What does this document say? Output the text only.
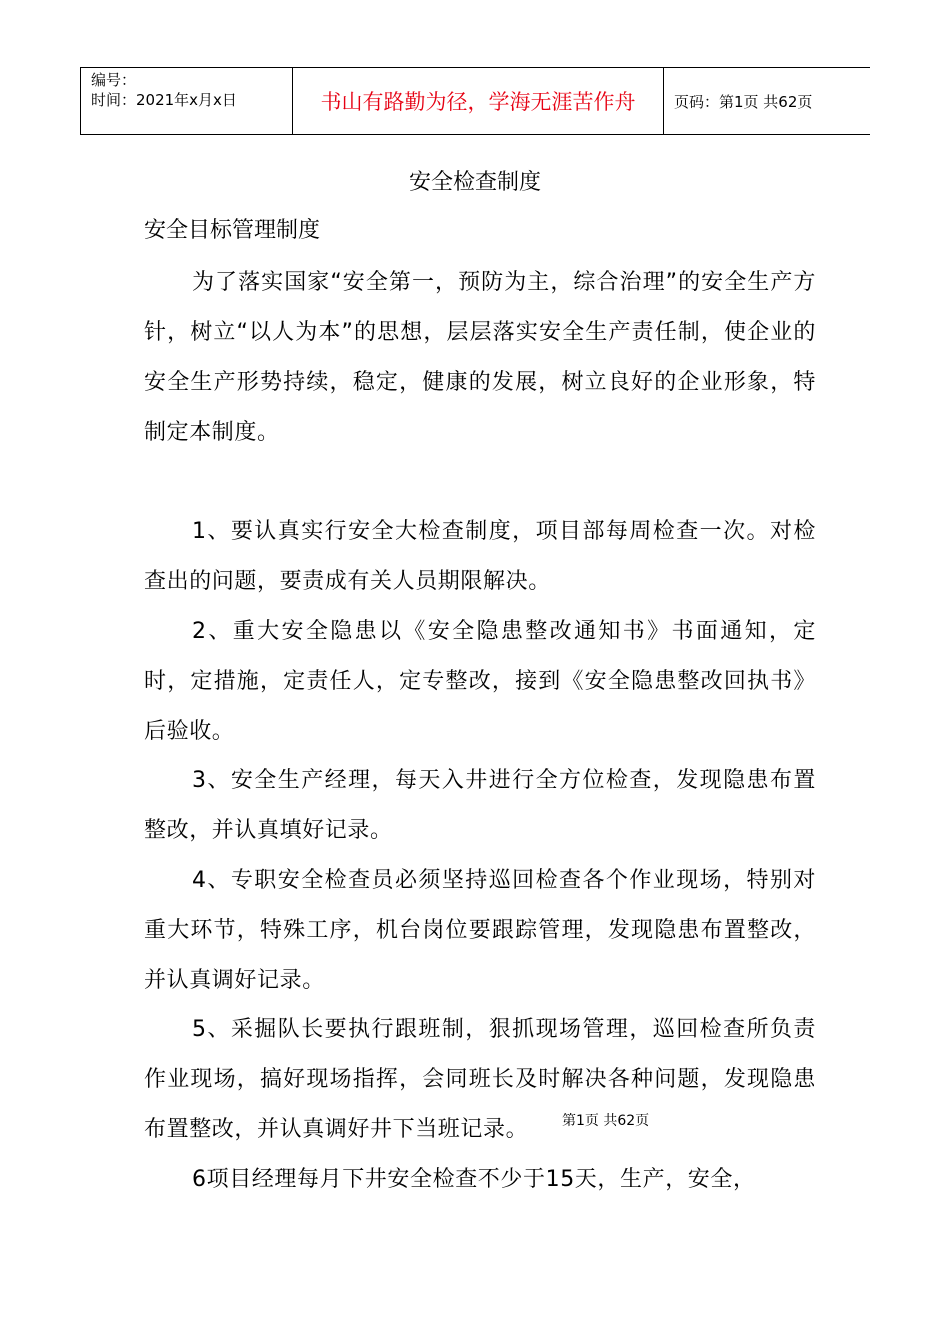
编号：
时间：2021年x月x日	书山有路勤为径，学海无涯苦作舟	页码：第1页 共62页
安全检查制度
安全目标管理制度

为了落实国家“安全第一，预防为主，综合治理”的安全生产方针，树立“以人为本”的思想，层层落实安全生产责任制，使企业的安全生产形势持续，稳定，健康的发展，树立良好的企业形象，特制定本制度。

1、要认真实行安全大检查制度，项目部每周检查一次。对检查出的问题，要责成有关人员期限解决。

2、重大安全隐患以《安全隐患整改通知书》书面通知，定时，定措施，定责任人，定专整改，接到《安全隐患整改回执书》后验收。

3、安全生产经理，每天入井进行全方位检查，发现隐患布置整改，并认真填好记录。

4、专职安全检查员必须坚持巡回检查各个作业现场，特别对重大环节，特殊工序，机台岗位要跟踪管理，发现隐患布置整改，并认真调好记录。

5、采掘队长要执行跟班制，狠抓现场管理，巡回检查所负责作业现场，搞好现场指挥，会同班长及时解决各种问题，发现隐患布置整改，并认真调好井下当班记录。

6项目经理每月下井安全检查不少于15天，生产，安全，

第1页 共62页
